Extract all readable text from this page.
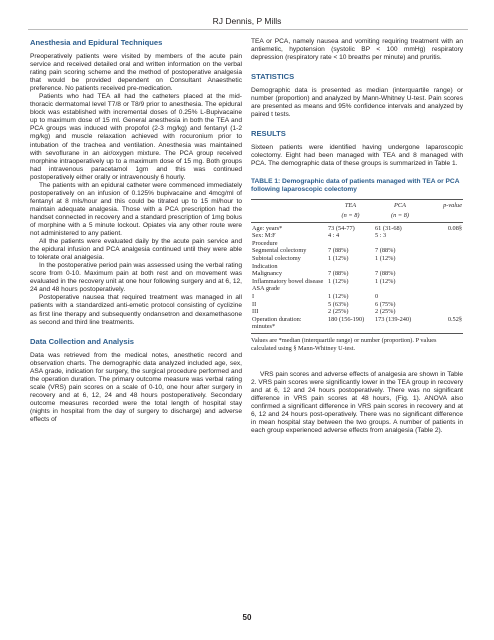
RJ Dennis, P Mills
Anesthesia and Epidural Techniques

Preoperatively patients were visited by members of the acute pain service and received detailed oral and written information on the verbal rating pain scoring scheme and the method of postoperative analgesia that would be provided dependent on Consultant Anaesthetic preference. No patients received pre-medication.

Patients who had TEA all had the catheters placed at the mid-thoracic dermatomal level T7/8 or T8/9 prior to anesthesia. The epidural block was established with incremental doses of 0.25% L-Bupivacaine up to maximum dose of 15 ml. General anesthesia in both the TEA and PCA groups was induced with propofol (2-3 mg/kg) and fentanyl (1-2 mg/kg) and muscle relaxation achieved with rocuronium prior to intubation of the trachea and ventilation. Anesthesia was maintained with sevoflurane in an air/oxygen mixture. The PCA group received morphine intraoperatively up to a maximum dose of 15 mg. Both groups had intravenous paracetamol 1gm and this was continued postoperatively either orally or intravenously 6 hourly.

The patients with an epidural catheter were commenced immediately postoperatively on an infusion of 0.125% bupivacaine and 4mcg/ml of fentanyl at 8 mls/hour and this could be titrated up to 15 ml/hour to maintain adequate analgesia. Those with a PCA prescription had the handset connected in recovery and a standard prescription of 1mg bolus of morphine with a 5 minute lockout. Opiates via any other route were not administered to any patient.

All the patients were evaluated daily by the acute pain service and the epidural infusion and PCA analgesia continued until they were able to tolerate oral analgesia.

In the postoperative period pain was assessed using the verbal rating score from 0-10. Maximum pain at both rest and on movement was evaluated in the recovery unit at one hour following surgery and at 6, 12, 24 and 48 hours postoperatively.

Postoperative nausea that required treatment was managed in all patients with a standardized anti-emetic protocol consisting of cyclizine as first line therapy and subsequently ondansetron and dexamethasone as second and third line treatments.

Data Collection and Analysis

Data was retrieved from the medical notes, anesthetic record and observation charts. The demographic data analyzed included age, sex, ASA grade, indication for surgery, the surgical procedure performed and the operation duration. The primary outcome measure was verbal rating scale (VRS) pain scores on a scale of 0-10, one hour after surgery in recovery and at 6, 12, 24 and 48 hours postoperatively. Secondary outcome measures recorded were the total length of hospital stay (nights in hospital from the day of surgery to discharge) and adverse effects of

TEA or PCA, namely nausea and vomiting requiring treatment with an antiemetic, hypotension (systolic BP < 100 mmHg) respiratory depression (respiratory rate < 10 breaths per minute) and pruritis.

STATISTICS

Demographic data is presented as median (interquartile range) or number (proportion) and analyzed by Mann-Whitney U-test. Pain scores are presented as means and 95% confidence intervals and analyzed by paired t tests.

RESULTS

Sixteen patients were identified having undergone laparoscopic colectomy. Eight had been managed with TEA and 8 managed with PCA. The demographic data of these groups is summarized in Table 1.

TABLE 1: Demographic data of patients managed with TEA or PCA following laparoscopic colectomy
	TEA	PCA	p-value
	(n = 8)	(n = 8)	
Age: years*	73 (54-77)	61 (31-68)	0.08§
Sex: M:F	4 : 4	5 : 3	
Procedure			
Segmental colectomy	7 (88%)	7 (88%)	
Subtotal colectomy	1 (12%)	1 (12%)	
Indication			
Malignancy	7 (88%)	7 (88%)	
Inflammatory bowel disease	1 (12%)	1 (12%)	
ASA grade			
I	1 (12%)	0	
II	5 (63%)	6 (75%)	
III	2 (25%)	2 (25%)	
Operation duration: minutes*	180 (156-190)	173 (139-240)	0.52§
Values are *median (interquartile range) or number (proportion). P values calculated using § Mann-Whitney U-test.

VRS pain scores and adverse effects of analgesia are shown in Table 2. VRS pain scores were significantly lower in the TEA group in recovery and at 6, 12 and 24 hours postoperatively. There was no significant difference in VRS pain scores at 48 hours, (Fig. 1). ANOVA also confirmed a significant difference in VRS pain scores in recovery and at 6, 12 and 24 hours post-operatively. There was no significant difference in mean hospital stay between the two groups. A number of patients in each group experienced adverse effects from analgesia (Table 2).

50
